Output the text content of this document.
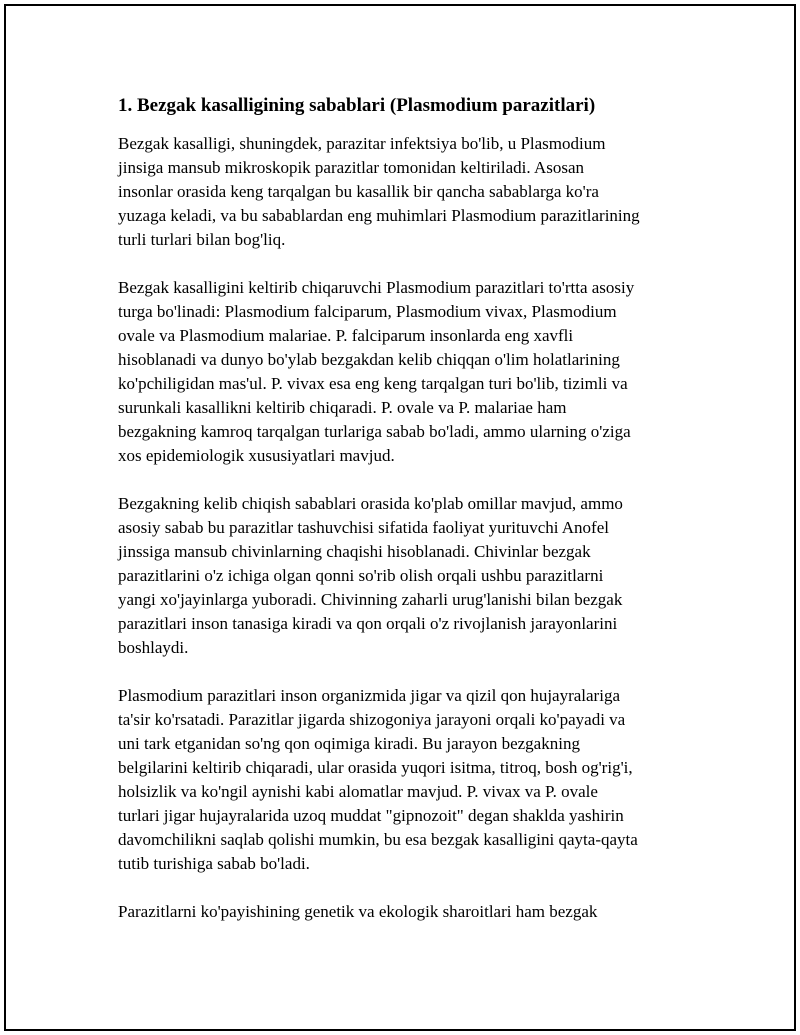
1. Bezgak kasalligining sabablari (Plasmodium parazitlari)
Bezgak kasalligi, shuningdek, parazitar infektsiya bo'lib, u Plasmodium
jinsiga mansub mikroskopik parazitlar tomonidan keltiriladi. Asosan
insonlar orasida keng tarqalgan bu kasallik bir qancha sabablarga ko'ra
yuzaga keladi, va bu sabablardan eng muhimlari Plasmodium parazitlarining
turli turlari bilan bog'liq.
Bezgak kasalligini keltirib chiqaruvchi Plasmodium parazitlari to'rtta asosiy
turga bo'linadi: Plasmodium falciparum, Plasmodium vivax, Plasmodium
ovale va Plasmodium malariae. P. falciparum insonlarda eng xavfli
hisoblanadi va dunyo bo'ylab bezgakdan kelib chiqqan o'lim holatlarining
ko'pchiligidan mas'ul. P. vivax esa eng keng tarqalgan turi bo'lib, tizimli va
surunkali kasallikni keltirib chiqaradi. P. ovale va P. malariae ham
bezgakning kamroq tarqalgan turlariga sabab bo'ladi, ammo ularning o'ziga
xos epidemiologik xususiyatlari mavjud.
Bezgakning kelib chiqish sabablari orasida ko'plab omillar mavjud, ammo
asosiy sabab bu parazitlar tashuvchisi sifatida faoliyat yurituvchi Anofel
jinssiga mansub chivinlarning chaqishi hisoblanadi. Chivinlar bezgak
parazitlarini o'z ichiga olgan qonni so'rib olish orqali ushbu parazitlarni
yangi xo'jayinlarga yuboradi. Chivinning zaharli urug'lanishi bilan bezgak
parazitlari inson tanasiga kiradi va qon orqali o'z rivojlanish jarayonlarini
boshlaydi.
Plasmodium parazitlari inson organizmida jigar va qizil qon hujayralariga
ta'sir ko'rsatadi. Parazitlar jigarda shizogoniya jarayoni orqali ko'payadi va
uni tark etganidan so'ng qon oqimiga kiradi. Bu jarayon bezgakning
belgilarini keltirib chiqaradi, ular orasida yuqori isitma, titroq, bosh og'rig'i,
holsizlik va ko'ngil aynishi kabi alomatlar mavjud. P. vivax va P. ovale
turlari jigar hujayralarida uzoq muddat "gipnozoit" degan shaklda yashirin
davomchilikni saqlab qolishi mumkin, bu esa bezgak kasalligini qayta-qayta
tutib turishiga sabab bo'ladi.
Parazitlarni ko'payishining genetik va ekologik sharoitlari ham bezgak
